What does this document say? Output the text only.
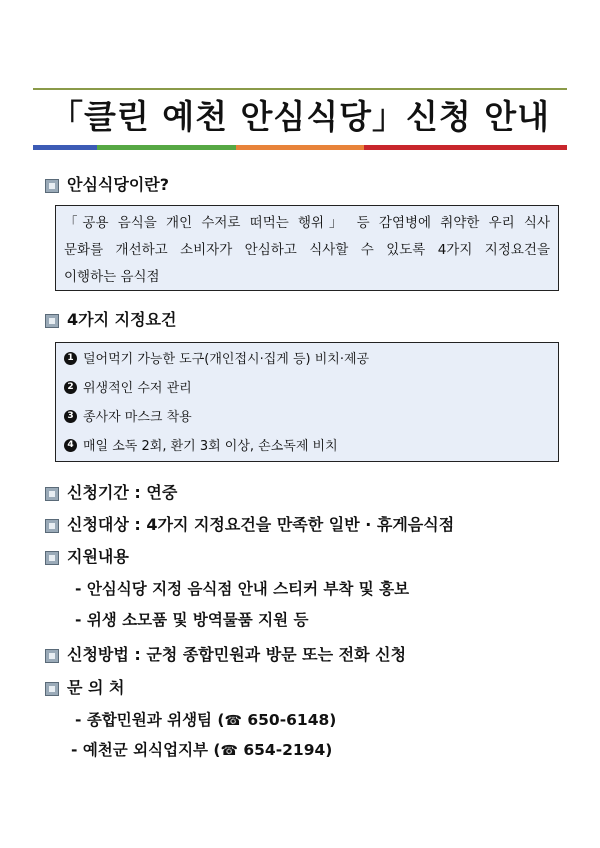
「클린 예천 안심식당」신청 안내
안심식당이란?
「공용 음식을 개인 수저로 떠먹는 행위」 등 감염병에 취약한 우리 식사
문화를 개선하고 소비자가 안심하고 식사할 수 있도록 4가지 지정요건을
이행하는 음식점
4가지 지정요건
1 덜어먹기 가능한 도구(개인접시·집게 등) 비치·제공
2 위생적인 수저 관리
3 종사자 마스크 착용
4 매일 소독 2회, 환기 3회 이상, 손소독제 비치
신청기간 : 연중
신청대상 : 4가지 지정요건을 만족한 일반 · 휴게음식점
지원내용
- 안심식당 지정 음식점 안내 스티커 부착 및 홍보
- 위생 소모품 및 방역물품 지원 등
신청방법 : 군청 종합민원과 방문 또는 전화 신청
문 의 처
- 종합민원과 위생팀 (☎ 650-6148)
- 예천군 외식업지부 (☎ 654-2194)
